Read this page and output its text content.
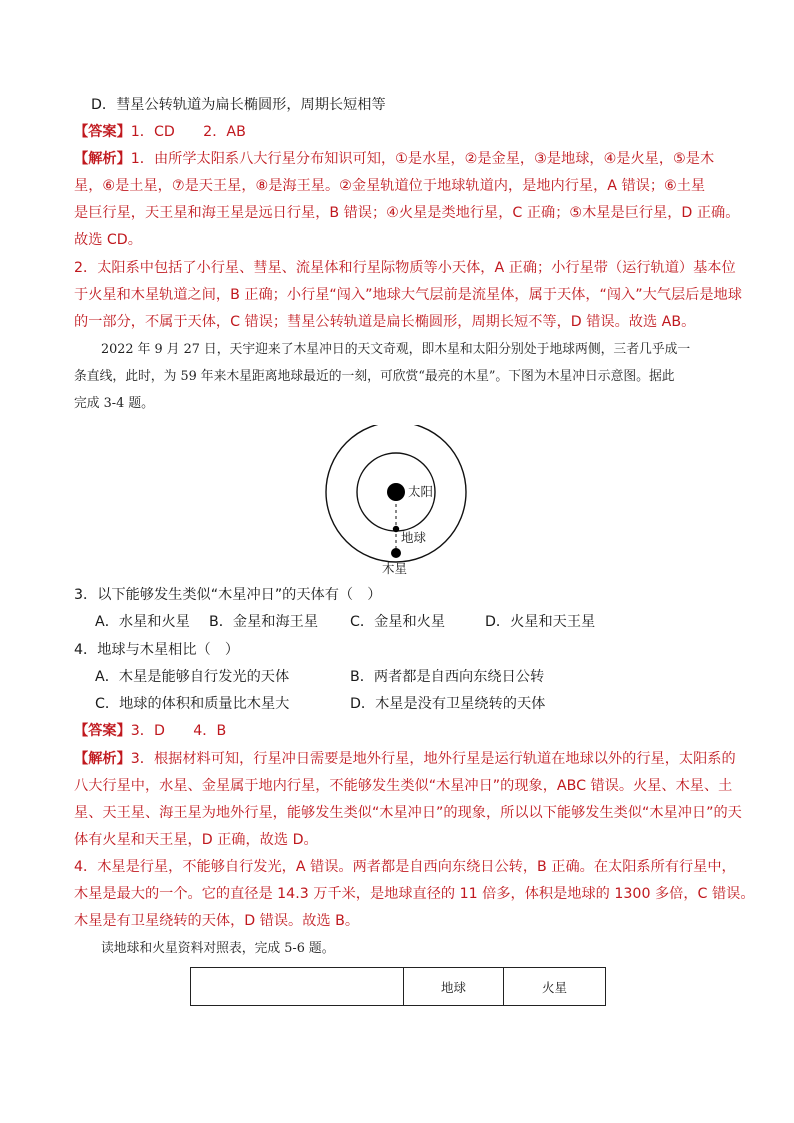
D．彗星公转轨道为扁长椭圆形，周期长短相等
【答案】1．CD　　2．AB
【解析】1．由所学太阳系八大行星分布知识可知，①是水星，②是金星，③是地球，④是火星，⑤是木
星，⑥是土星，⑦是天王星，⑧是海王星。②金星轨道位于地球轨道内，是地内行星，A 错误；⑥土星
是巨行星，天王星和海王星是远日行星，B 错误；④火星是类地行星，C 正确；⑤木星是巨行星，D 正确。
故选 CD。
2．太阳系中包括了小行星、彗星、流星体和行星际物质等小天体，A 正确；小行星带（运行轨道）基本位
于火星和木星轨道之间，B 正确；小行星“闯入”地球大气层前是流星体，属于天体，“闯入”大气层后是地球
的一部分，不属于天体，C 错误；彗星公转轨道是扁长椭圆形，周期长短不等，D 错误。故选 AB。
2022 年 9 月 27 日，天宇迎来了木星冲日的天文奇观，即木星和太阳分别处于地球两侧，三者几乎成一
条直线，此时，为 59 年来木星距离地球最近的一刻，可欣赏“最亮的木星”。下图为木星冲日示意图。据此
完成 3-4 题。
太阳
地球
木星
3．以下能够发生类似“木星冲日”的天体有（　）
A．水星和火星 B．金星和海王星 C．金星和火星	D．火星和天王星
4．地球与木星相比（　）
A．木星是能够自行发光的天体	B．两者都是自西向东绕日公转
C．地球的体积和质量比木星大	D．木星是没有卫星绕转的天体
【答案】3．D　　4．B
【解析】3．根据材料可知，行星冲日需要是地外行星，地外行星是运行轨道在地球以外的行星，太阳系的
八大行星中，水星、金星属于地内行星，不能够发生类似“木星冲日”的现象，ABC 错误。火星、木星、土
星、天王星、海王星为地外行星，能够发生类似“木星冲日”的现象，所以以下能够发生类似“木星冲日”的天
体有火星和天王星，D 正确，故选 D。
4．木星是行星，不能够自行发光，A 错误。两者都是自西向东绕日公转，B 正确。在太阳系所有行星中，
木星是最大的一个。它的直径是 14.3 万千米，是地球直径的 11 倍多，体积是地球的 1300 多倍，C 错误。
木星是有卫星绕转的天体，D 错误。故选 B。
读地球和火星资料对照表，完成 5-6 题。
	地球	火星
